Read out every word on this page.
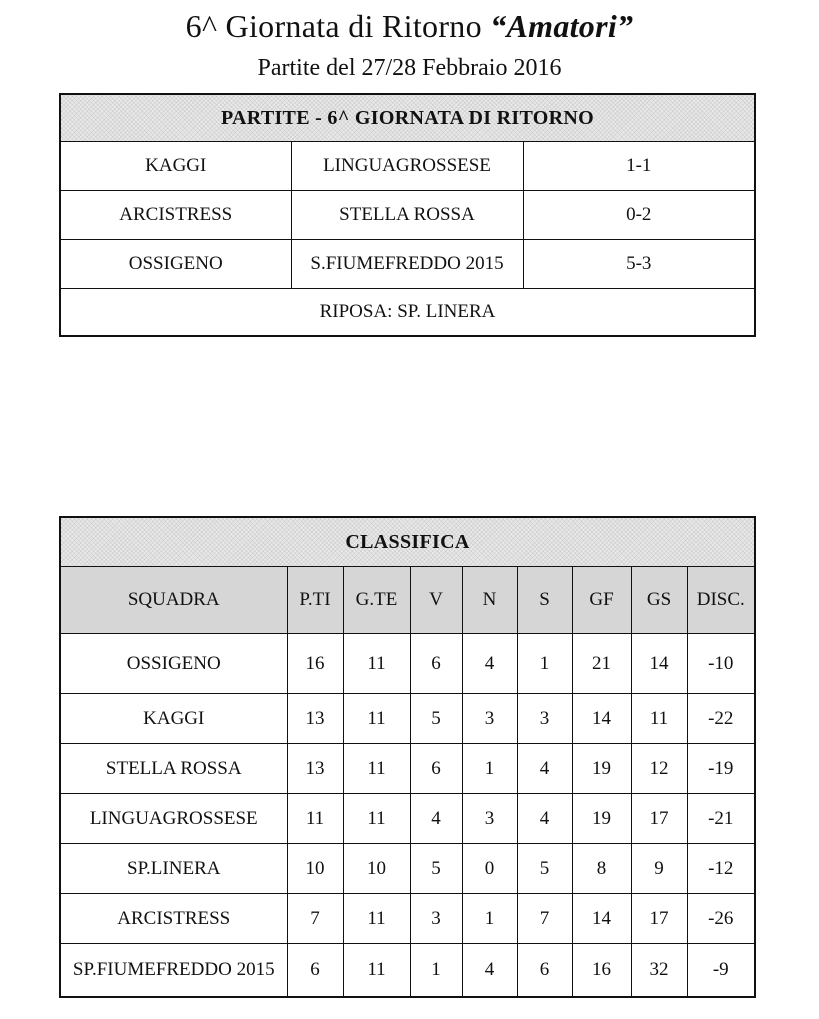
6^ Giornata di Ritorno “Amatori”
Partite del 27/28 Febbraio 2016
PARTITE - 6^ GIORNATA DI RITORNO		
KAGGI	LINGUAGROSSESE	1-1
ARCISTRESS	STELLA ROSSA	0-2
OSSIGENO	S.FIUMEFREDDO 2015	5-3
RIPOSA: SP. LINERA		
CLASSIFICA								
SQUADRA	P.TI	G.TE	V	N	S	GF	GS	DISC.
OSSIGENO	16	11	6	4	1	21	14	-10
KAGGI	13	11	5	3	3	14	11	-22
STELLA ROSSA	13	11	6	1	4	19	12	-19
LINGUAGROSSESE	11	11	4	3	4	19	17	-21
SP.LINERA	10	10	5	0	5	8	9	-12
ARCISTRESS	7	11	3	1	7	14	17	-26
SP.FIUMEFREDDO 2015	6	11	1	4	6	16	32	-9
